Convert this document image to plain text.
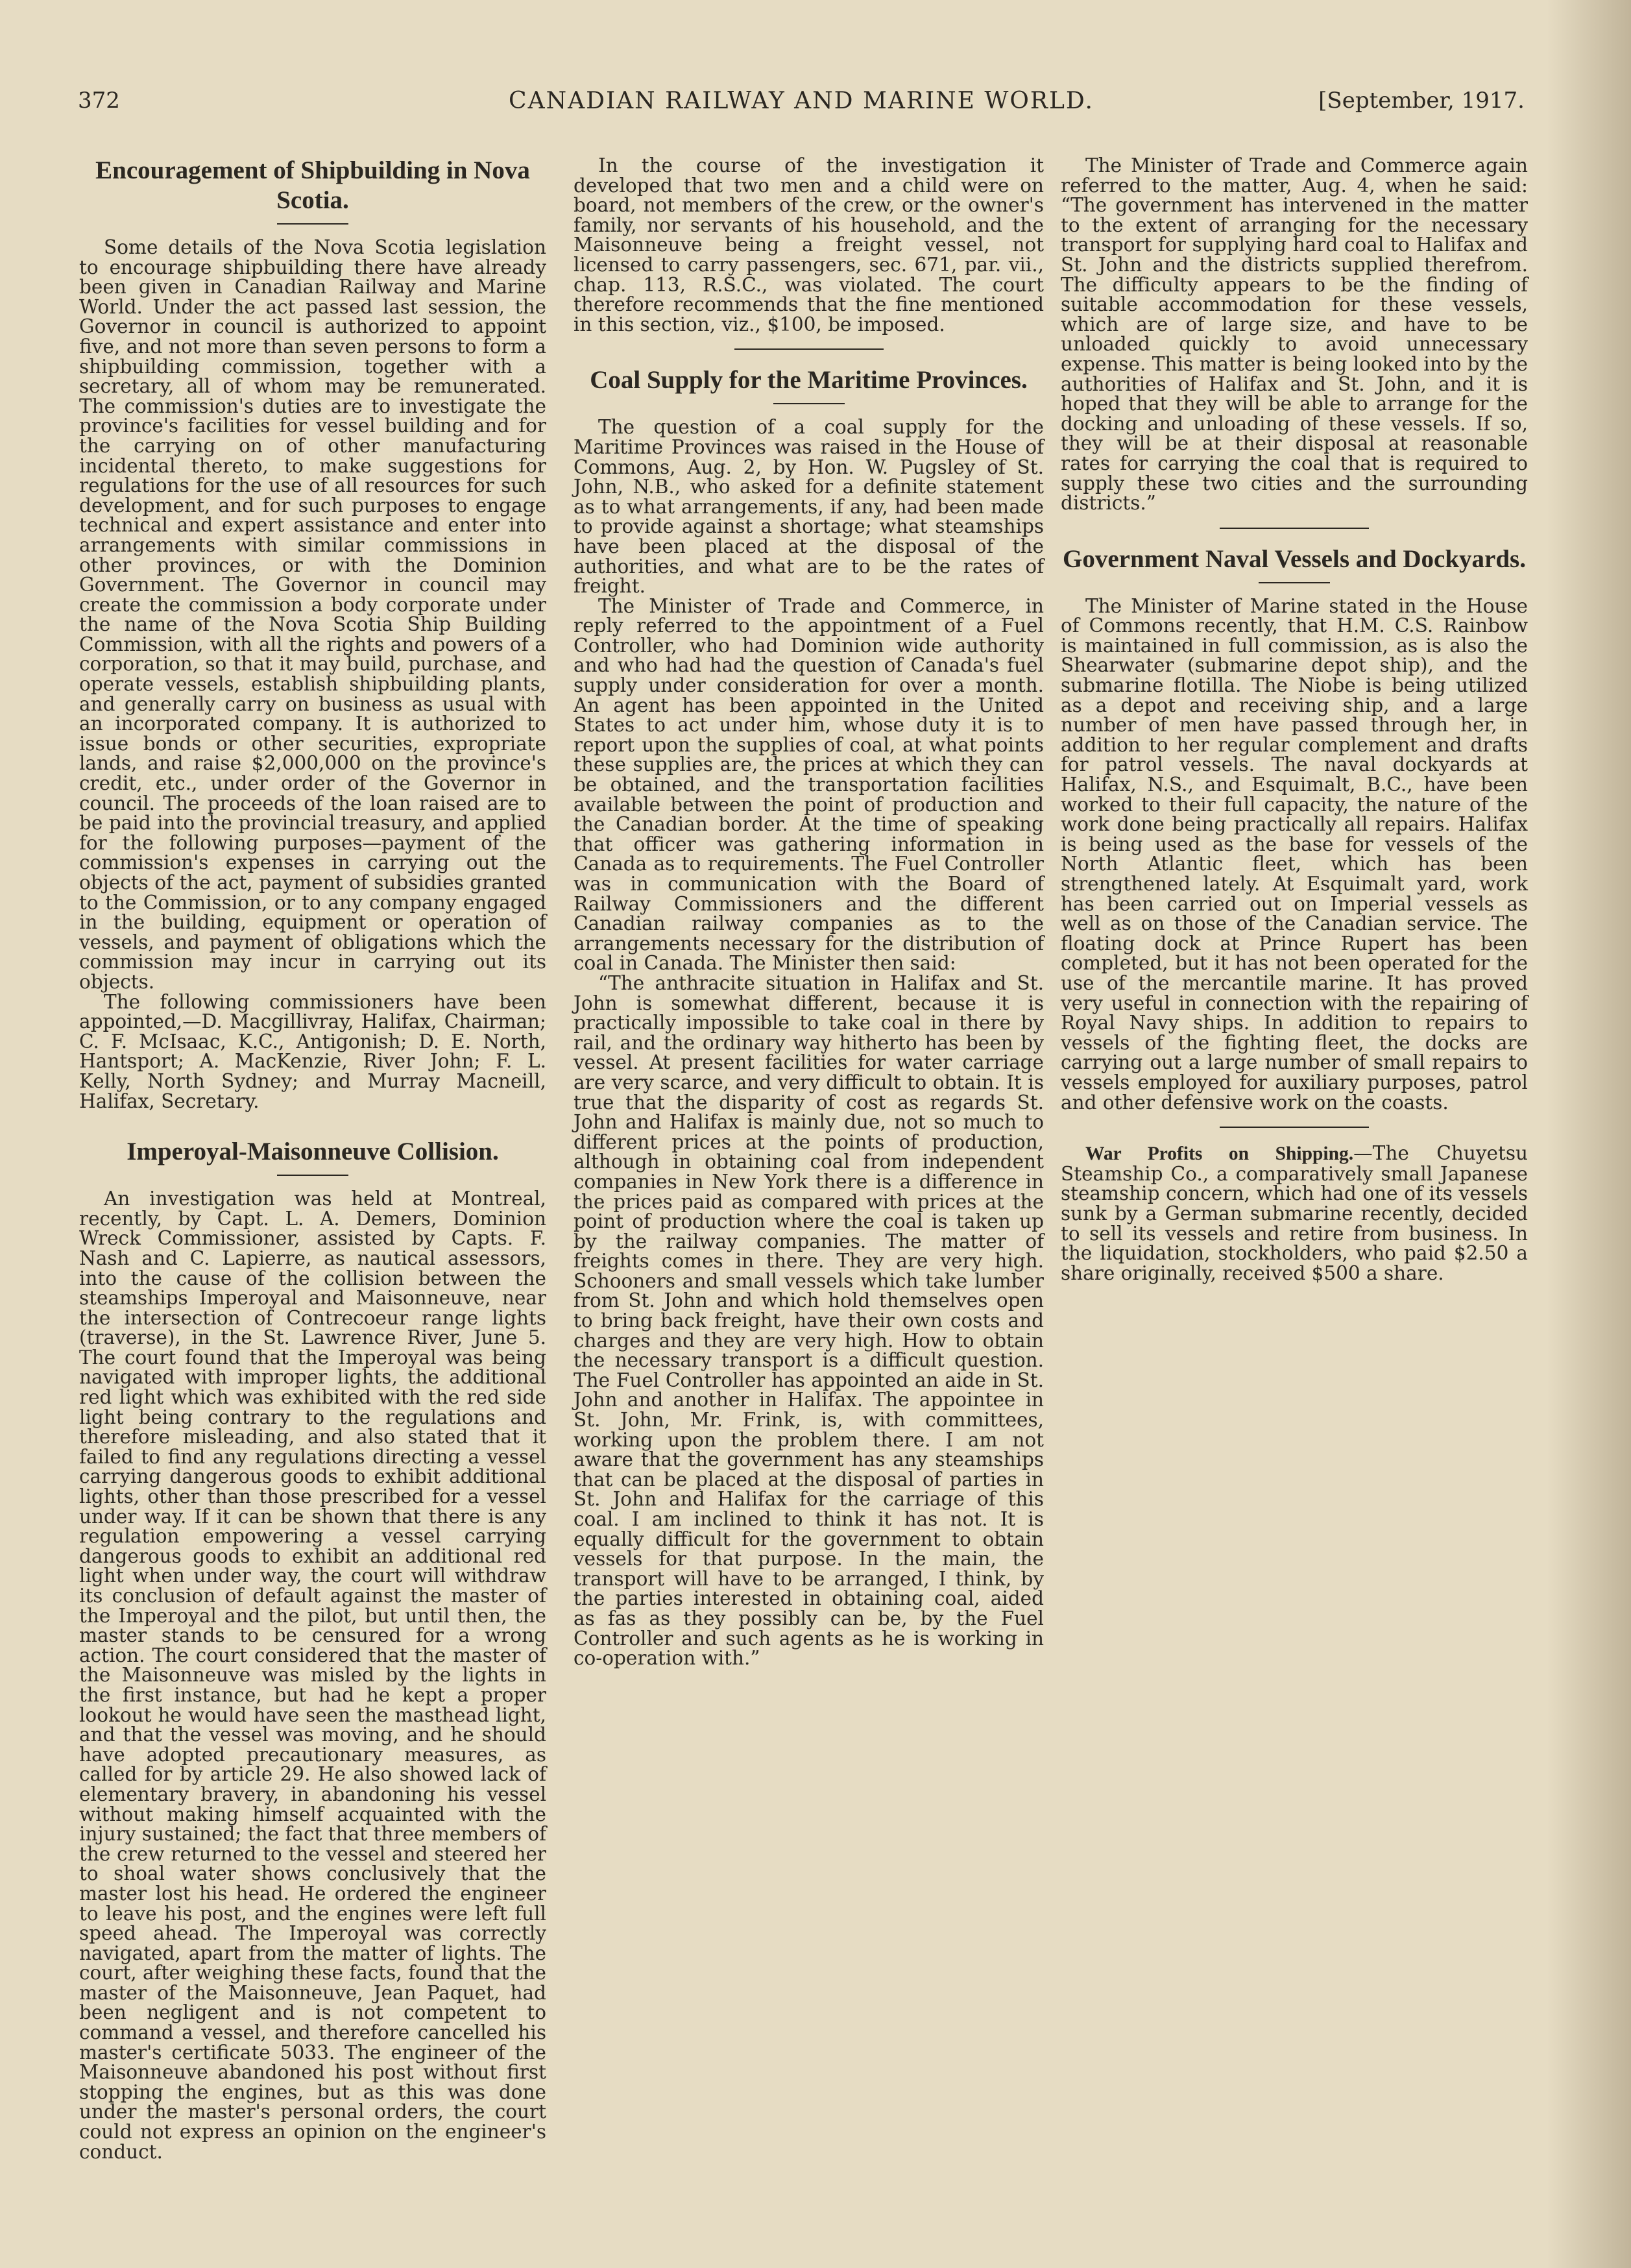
372	CANADIAN RAILWAY AND MARINE WORLD.	[September, 1917.
Encouragement of Shipbuilding in Nova Scotia.

Some details of the Nova Scotia legislation to encourage shipbuilding there have already been given in Canadian Railway and Marine World. Under the act passed last session, the Governor in council is authorized to appoint five, and not more than seven persons to form a shipbuilding commission, together with a secretary, all of whom may be remunerated. The commission's duties are to investigate the province's facilities for vessel building and for the carrying on of other manufacturing incidental thereto, to make suggestions for regulations for the use of all resources for such development, and for such purposes to engage technical and expert assistance and enter into arrangements with similar commissions in other provinces, or with the Dominion Government. The Governor in council may create the commission a body corporate under the name of the Nova Scotia Ship Building Commission, with all the rights and powers of a corporation, so that it may build, purchase, and operate vessels, establish shipbuilding plants, and generally carry on business as usual with an incorporated company. It is authorized to issue bonds or other securities, expropriate lands, and raise $2,000,000 on the province's credit, etc., under order of the Governor in council. The proceeds of the loan raised are to be paid into the provincial treasury, and applied for the following purposes—payment of the commission's expenses in carrying out the objects of the act, payment of subsidies granted to the Commission, or to any company engaged in the building, equipment or operation of vessels, and payment of obligations which the commission may incur in carrying out its objects.

The following commissioners have been appointed,—D. Macgillivray, Halifax, Chairman; C. F. McIsaac, K.C., Antigonish; D. E. North, Hantsport; A. MacKenzie, River John; F. L. Kelly, North Sydney; and Murray Macneill, Halifax, Secretary.

Imperoyal-Maisonneuve Collision.

An investigation was held at Montreal, recently, by Capt. L. A. Demers, Dominion Wreck Commissioner, assisted by Capts. F. Nash and C. Lapierre, as nautical assessors, into the cause of the collision between the steamships Imperoyal and Maisonneuve, near the intersection of Contrecoeur range lights (traverse), in the St. Lawrence River, June 5. The court found that the Imperoyal was being navigated with improper lights, the additional red light which was exhibited with the red side light being contrary to the regulations and therefore misleading, and also stated that it failed to find any regulations directing a vessel carrying dangerous goods to exhibit additional lights, other than those prescribed for a vessel under way. If it can be shown that there is any regulation empowering a vessel carrying dangerous goods to exhibit an additional red light when under way, the court will withdraw its conclusion of default against the master of the Imperoyal and the pilot, but until then, the master stands to be censured for a wrong action. The court considered that the master of the Maisonneuve was misled by the lights in the first instance, but had he kept a proper lookout he would have seen the masthead light, and that the vessel was moving, and he should have adopted precautionary measures, as called for by article 29. He also showed lack of elementary bravery, in abandoning his vessel without making himself acquainted with the injury sustained; the fact that three members of the crew returned to the vessel and steered her to shoal water shows conclusively that the master lost his head. He ordered the engineer to leave his post, and the engines were left full speed ahead. The Imperoyal was correctly navigated, apart from the matter of lights. The court, after weighing these facts, found that the master of the Maisonneuve, Jean Paquet, had been negligent and is not competent to command a vessel, and therefore cancelled his master's certificate 5033. The engineer of the Maisonneuve abandoned his post without first stopping the engines, but as this was done under the master's personal orders, the court could not express an opinion on the engineer's conduct.

In the course of the investigation it developed that two men and a child were on board, not members of the crew, or the owner's family, nor servants of his household, and the Maisonneuve being a freight vessel, not licensed to carry passengers, sec. 671, par. vii., chap. 113, R.S.C., was violated. The court therefore recommends that the fine mentioned in this section, viz., $100, be imposed.

Coal Supply for the Maritime Provinces.

The question of a coal supply for the Maritime Provinces was raised in the House of Commons, Aug. 2, by Hon. W. Pugsley of St. John, N.B., who asked for a definite statement as to what arrangements, if any, had been made to provide against a shortage; what steamships have been placed at the disposal of the authorities, and what are to be the rates of freight.

The Minister of Trade and Commerce, in reply referred to the appointment of a Fuel Controller, who had Dominion wide authority and who had had the question of Canada's fuel supply under consideration for over a month. An agent has been appointed in the United States to act under him, whose duty it is to report upon the supplies of coal, at what points these supplies are, the prices at which they can be obtained, and the transportation facilities available between the point of production and the Canadian border. At the time of speaking that officer was gathering information in Canada as to requirements. The Fuel Controller was in communication with the Board of Railway Commissioners and the different Canadian railway companies as to the arrangements necessary for the distribution of coal in Canada. The Minister then said:

“The anthracite situation in Halifax and St. John is somewhat different, because it is practically impossible to take coal in there by rail, and the ordinary way hitherto has been by vessel. At present facilities for water carriage are very scarce, and very difficult to obtain. It is true that the disparity of cost as regards St. John and Halifax is mainly due, not so much to different prices at the points of production, although in obtaining coal from independent companies in New York there is a difference in the prices paid as compared with prices at the point of production where the coal is taken up by the railway companies. The matter of freights comes in there. They are very high. Schooners and small vessels which take lumber from St. John and which hold themselves open to bring back freight, have their own costs and charges and they are very high. How to obtain the necessary transport is a difficult question. The Fuel Controller has appointed an aide in St. John and another in Halifax. The appointee in St. John, Mr. Frink, is, with committees, working upon the problem there. I am not aware that the government has any steamships that can be placed at the disposal of parties in St. John and Halifax for the carriage of this coal. I am inclined to think it has not. It is equally difficult for the government to obtain vessels for that purpose. In the main, the transport will have to be arranged, I think, by the parties interested in obtaining coal, aided as fas as they possibly can be, by the Fuel Controller and such agents as he is working in co-operation with.”

The Minister of Trade and Commerce again referred to the matter, Aug. 4, when he said: “The government has intervened in the matter to the extent of arranging for the necessary transport for supplying hard coal to Halifax and St. John and the districts supplied therefrom. The difficulty appears to be the finding of suitable accommodation for these vessels, which are of large size, and have to be unloaded quickly to avoid unnecessary expense. This matter is being looked into by the authorities of Halifax and St. John, and it is hoped that they will be able to arrange for the docking and unloading of these vessels. If so, they will be at their disposal at reasonable rates for carrying the coal that is required to supply these two cities and the surrounding districts.”

Government Naval Vessels and Dockyards.

The Minister of Marine stated in the House of Commons recently, that H.M. C.S. Rainbow is maintained in full commission, as is also the Shearwater (submarine depot ship), and the submarine flotilla. The Niobe is being utilized as a depot and receiving ship, and a large number of men have passed through her, in addition to her regular complement and drafts for patrol vessels. The naval dockyards at Halifax, N.S., and Esquimalt, B.C., have been worked to their full capacity, the nature of the work done being practically all repairs. Halifax is being used as the base for vessels of the North Atlantic fleet, which has been strengthened lately. At Esquimalt yard, work has been carried out on Imperial vessels as well as on those of the Canadian service. The floating dock at Prince Rupert has been completed, but it has not been operated for the use of the mercantile marine. It has proved very useful in connection with the repairing of Royal Navy ships. In addition to repairs to vessels of the fighting fleet, the docks are carrying out a large number of small repairs to vessels employed for auxiliary purposes, patrol and other defensive work on the coasts.

War Profits on Shipping.—The Chuyetsu Steamship Co., a comparatively small Japanese steamship concern, which had one of its vessels sunk by a German submarine recently, decided to sell its vessels and retire from business. In the liquidation, stockholders, who paid $2.50 a share originally, received $500 a share.
